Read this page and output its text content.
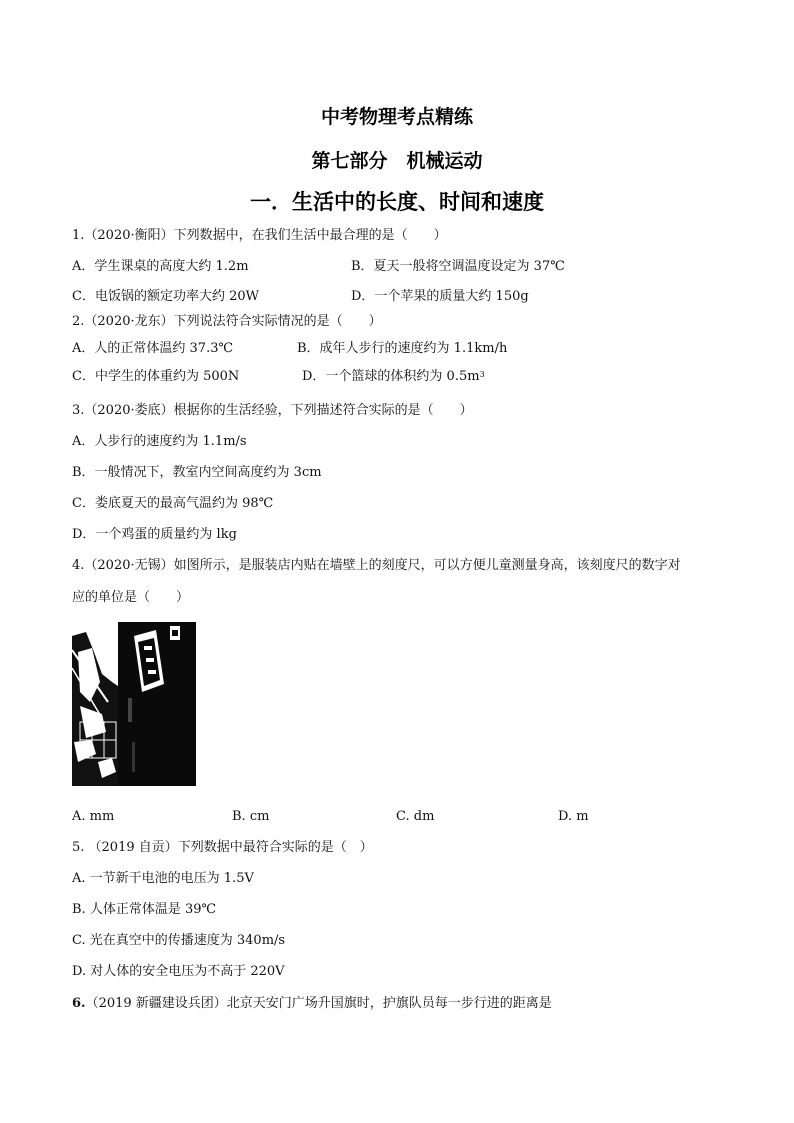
中考物理考点精练
第七部分　机械运动
一．生活中的长度、时间和速度
1.（2020·衡阳）下列数据中，在我们生活中最合理的是（　　）
A．学生课桌的高度大约 1.2m	B．夏天一般将空调温度设定为 37℃
C．电饭锅的额定功率大约 20W	D．一个苹果的质量大约 150g
2.（2020·龙东）下列说法符合实际情况的是（　　）
A．人的正常体温约 37.3℃	B．成年人步行的速度约为 1.1km/h
C．中学生的体重约为 500N	D．一个篮球的体积约为 $0.5m^3$
3.（2020·娄底）根据你的生活经验，下列描述符合实际的是（　　）
A．人步行的速度约为 1.1m/s
B．一般情况下，教室内空间高度约为 3cm
C．娄底夏天的最高气温约为 98℃
D．一个鸡蛋的质量约为 lkg
4.（2020·无锡）如图所示，是服装店内贴在墙壁上的刻度尺，可以方便儿童测量身高，该刻度尺的数字对
应的单位是（　　）
A. mm	B. cm	C. dm	D. m
5. （2019 自贡）下列数据中最符合实际的是（　）
A. 一节新干电池的电压为 1.5V
B. 人体正常体温是 39℃
C. 光在真空中的传播速度为 340m/s
D. 对人体的安全电压为不高于 220V
6.（2019 新疆建设兵团）北京天安门广场升国旗时，护旗队员每一步行进的距离是
